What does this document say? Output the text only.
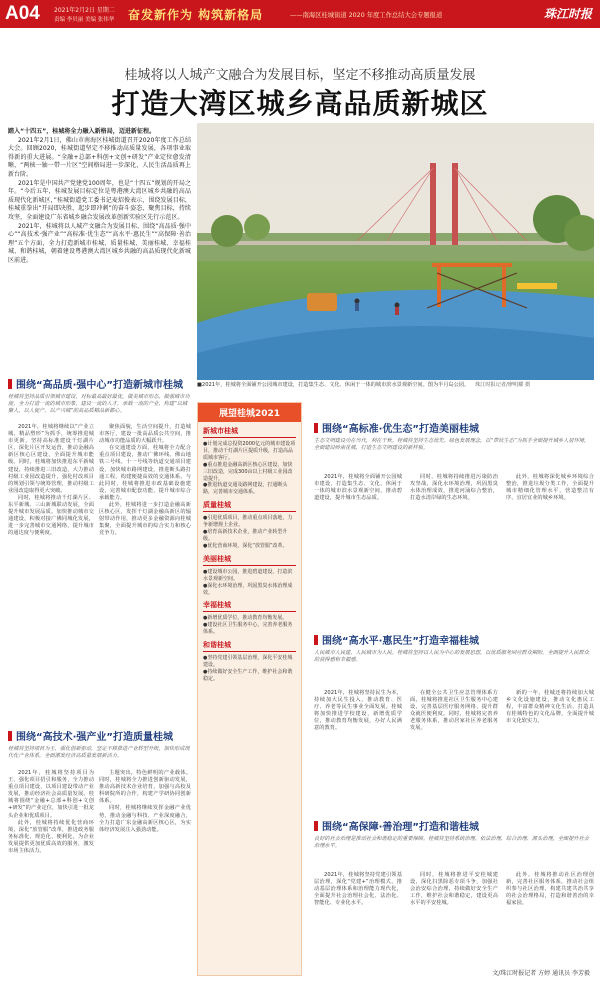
A04 2021年2月2日 星期二
责编 李贝丽 美编 张伟华 奋发新作为 构筑新格局	——南海区桂城街道 2020 年度工作总结大会专题报道	珠江时报
桂城将以人城产文融合为发展目标，坚定不移推动高质量发展
打造大湾区城乡高品质新城区

踏入“十四五”，桂城将全力融入新格局，迈进新征程。

2021年2月1日，佛山市南海区桂城街道召开2020年度工作总结大会。回顾2020，桂城街道坚定不移推动高质量发展，各项事业取得新的重大进展。“全融+总部+科创+文创+研发”产业定位愈发清晰，“两核一轴一带一片区”空间格局进一步深化，人民生活品质再上新台阶。

2021年是中国共产党建党100周年，也是“十四五”规划的开局之年。“今后五年，桂城发展目标定位是粤港澳大湾区城乡共融的高品质现代化新城区，”桂城街道党工委书记麦炤俊表示，围绕发展目标，桂城重拳出“开局即决胜，起步即冲刺”的奋斗姿态，聚焦目标，持续攻坚，全面建设广东省城乡融合发展改革创新实验区先行示范区。

2021年，桂城将以人城产文融合为发展目标，围绕“高品质·强中心”“高技术·强产业”“高标准·优生态”“高水平·惠民生”“高保障·善治理”五个方面，全力打造新城市桂城、质量桂城、美丽桂城、幸福桂城、和谐桂城，朝着建设粤港澳大湾区城乡共融的高品质现代化新城区前进。

■2021年，桂城将全面铺开公园城市建设，打造集生态、文化、休闲于一体的城市滨水景观新空间。图为半月岛公园。 珠江时报记者/廖明耀 摄
围绕“高品质·强中心”打造新城市桂城
桂城将坚持品质引领城市建设，对标最高最好最优，做美城市形态，做强城市功能，全力打造一流的城市形象，建设一流的人才，承载一流的产业，构建“以城聚人，以人促产，以产兴城”的高品质精品新都心。

2021年，桂城将继续以“产业立城，精品塑形”为抓手，统筹推进城市更新，坚持高标准建设千灯湖片区，深化片区开发运营，推动金融高新区核心区建设，全面提升城市能级。同时，桂城将加快推进东平新城建设，持续推进三旧改造，大力推动村级工业园改造提升，强化村改项目的规划引领与统筹管理，推动村级工业园改造取得更大突破。

同时，桂城将推动千灯湖片区、东平新城、三山新城联动发展，全面提升城市发展品质。加快推动城市交通建设，积极对接广佛同城化发展，进一步完善城市交通网络，提升城市的通达度与便利度。

聚焦面貌，生活空间提升，打造城市客厅，建设一批高品质公共空间，推动城市功能品质的大幅跃升。

在交通建设方面，桂城将全力配合重点项目建设，推动广佛环线、佛山地铁三号线、十一号线等轨道交通项目建设，加快城市路网建设，推进断头路打通工程，构建便捷高效的交通体系。与此同时，桂城将推进市政基础设施建设，完善城市配套功能，提升城市综合承载能力。

此外，桂城将进一步打造金融高新区核心区，发挥千灯湖金融高新区的辐射带动作用，推动更多金融资源向桂城集聚，全面提升城市的综合实力和核心竞争力。

围绕“高技术·强产业”打造质量桂城
桂城将坚持项目为王，强化创新驱动，坚定不移推进产业转型升级，加快形成现代化产业体系，全面激发经济高质量发展新活力。

2021年，桂城将坚持项目为王，强化项目招引和服务，全力推动重点项目建设，以项目建设带动产业发展，推动经济社会高质量发展。桂城将围绕“金融+总部+科创+文创+研发”的产业定位，加快引进一批龙头企业和优质项目。

此外，桂城将持续优化营商环境，深化“放管服”改革，推进政务服务标准化、规范化、便利化，为企业发展提供更加优质高效的服务，激发市场主体活力。

主题突出，特色鲜明的产业载体。同时，桂城将全力推进创新驱动发展，推动高新技术企业培育，加强与高校及科研院所的合作，构建产学研协同创新体系。

同时，桂城将继续发挥金融产业优势，推动金融与科技、产业深度融合，全力打造广东金融高新区核心区，为实体经济发展注入强劲动能。

展望桂城2021
新城市桂城
●计划完成总投资2000亿元的城市建设项目，推动千灯湖片区提质升级，打造高品质城市客厅。
●重点推进金融高新区核心区建设，加快三旧改造，完成300亩以上村级工业园改造提升。
●推进轨道交通及路网建设，打通断头路，完善城市交通体系。
质量桂城
●引进优质项目，推动重点项目落地，力争新增规上企业。
●培育高新技术企业，推动产业转型升级。
●优化营商环境，深化“放管服”改革。
美丽桂城
●建设城市公园，推进碧道建设，打造滨水景观新空间。
●深化水环境治理，巩固黑臭水体治理成效。
幸福桂城
●新增优质学位，推动教育均衡发展。
●建设社区卫生服务中心，完善养老服务体系。
和谐桂城
●坚持党建引领基层治理，深化平安桂城建设。
●持续做好安全生产工作，维护社会和谐稳定。
围绕“高标准·优生态”打造美丽桂城
生态文明建设功在当代，利在千秋。桂城将坚持生态优先、绿色发展理念，以“带状生态”为抓手全面提升城乡人居环境，全面建设岭南花城，打造生态文明建设的新样板。

2021年，桂城将全面铺开公园城市建设，打造集生态、文化、休闲于一体的城市滨水景观新空间，推动碧道建设，提升城市生态品质。

同时，桂城将持续推进污染防治攻坚战，深化水环境治理，巩固黑臭水体治理成效，推进河涌综合整治，打造水清岸绿的生态环境。

此外，桂城将深化城乡环境综合整治，推进垃圾分类工作，全面提升城市精细化管理水平，营造整洁有序、宜居宜业的城乡环境。

围绕“高水平·惠民生”打造幸福桂城
人民城市人民建，人民城市为人民。桂城将坚持以人民为中心的发展思想，以优质服务回应群众期盼，全面提升人民群众的获得感和幸福感。

2021年，桂城将坚持民生为本，持续加大民生投入，推动教育、医疗、养老等民生事业全面发展。桂城将加快推进学校建设，新增优质学位，推动教育均衡发展，办好人民满意的教育。

在健全公共卫生应急管理体系方面，桂城将推进社区卫生服务中心建设，完善基层医疗服务网络，提升群众就医便利度。同时，桂城将完善养老服务体系，推动居家社区养老服务发展。

新的一年，桂城还将持续加大城乡文化设施建设，推动文化惠民工程，丰富群众精神文化生活，打造具有桂城特色的文化品牌，全面提升城市文化软实力。

围绕“高保障·善治理”打造和谐桂城
良好的社会治理是推动社会和谐稳定的重要保障。桂城将坚持系统治理、依法治理、综合治理、源头治理，全面提升社会治理水平。

2021年，桂城将坚持党建引领基层治理，深化“党建+”治理模式，推动基层治理体系和治理能力现代化，全面提升社会治理社会化、法治化、智能化、专业化水平。

同时，桂城将推进平安桂城建设，深化扫黑除恶专项斗争，加强社会治安综合治理，持续做好安全生产工作，维护社会和谐稳定，建设更高水平的平安桂城。

此外，桂城将推动社区治理创新，完善社区服务体系，推动社会组织参与社区治理，构建共建共治共享的社会治理格局，打造和谐善治的幸福家园。

文/珠江时报记者 方婷 通讯员 李芳毅
